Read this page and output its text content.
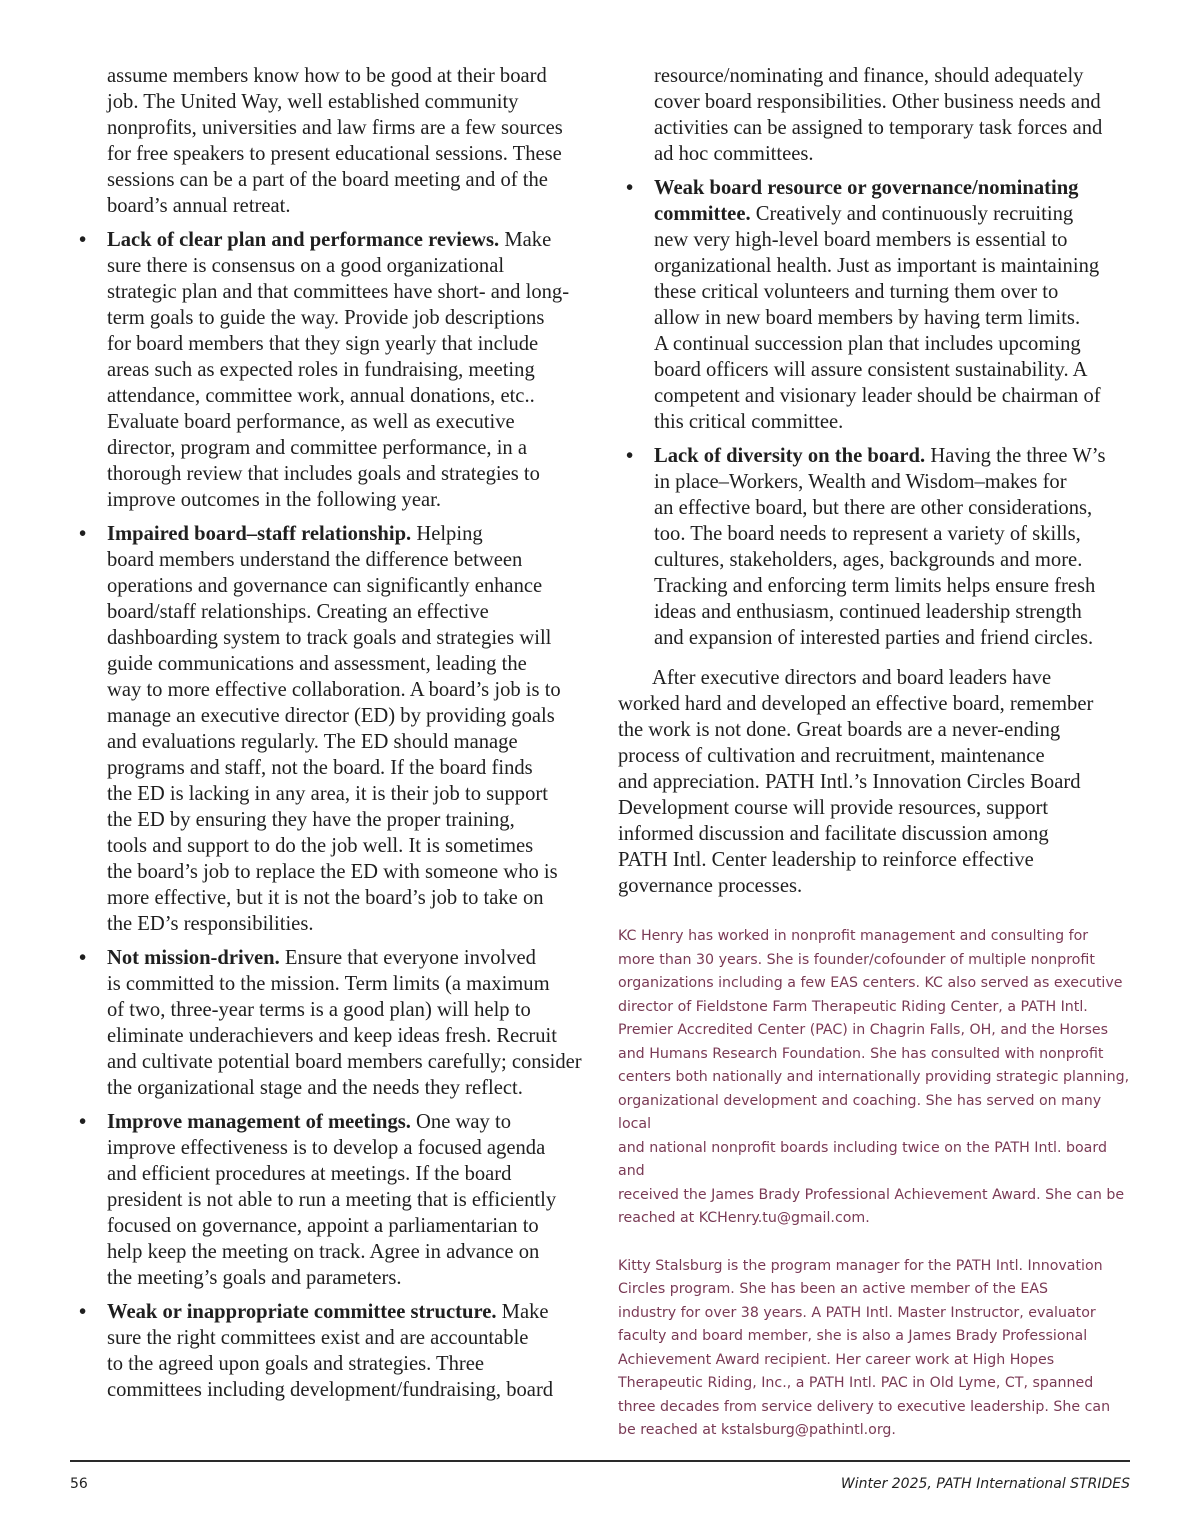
assume members know how to be good at their board
job. The United Way, well established community
nonprofits, universities and law firms are a few sources
for free speakers to present educational sessions. These
sessions can be a part of the board meeting and of the
board’s annual retreat.

• Lack of clear plan and performance reviews. Make
sure there is consensus on a good organizational
strategic plan and that committees have short- and long-
term goals to guide the way. Provide job descriptions
for board members that they sign yearly that include
areas such as expected roles in fundraising, meeting
attendance, committee work, annual donations, etc..
Evaluate board performance, as well as executive
director, program and committee performance, in a
thorough review that includes goals and strategies to
improve outcomes in the following year.
• Impaired board–staff relationship. Helping
board members understand the difference between
operations and governance can significantly enhance
board/staff relationships. Creating an effective
dashboarding system to track goals and strategies will
guide communications and assessment, leading the
way to more effective collaboration. A board’s job is to
manage an executive director (ED) by providing goals
and evaluations regularly. The ED should manage
programs and staff, not the board. If the board finds
the ED is lacking in any area, it is their job to support
the ED by ensuring they have the proper training,
tools and support to do the job well. It is sometimes
the board’s job to replace the ED with someone who is
more effective, but it is not the board’s job to take on
the ED’s responsibilities.
• Not mission-driven. Ensure that everyone involved
is committed to the mission. Term limits (a maximum
of two, three-year terms is a good plan) will help to
eliminate underachievers and keep ideas fresh. Recruit
and cultivate potential board members carefully; consider
the organizational stage and the needs they reflect.
• Improve management of meetings. One way to
improve effectiveness is to develop a focused agenda
and efficient procedures at meetings. If the board
president is not able to run a meeting that is efficiently
focused on governance, appoint a parliamentarian to
help keep the meeting on track. Agree in advance on
the meeting’s goals and parameters.
• Weak or inappropriate committee structure. Make
sure the right committees exist and are accountable
to the agreed upon goals and strategies. Three
committees including development/fundraising, board

resource/nominating and finance, should adequately
cover board responsibilities. Other business needs and
activities can be assigned to temporary task forces and
ad hoc committees.

• Weak board resource or governance/nominating
committee. Creatively and continuously recruiting
new very high-level board members is essential to
organizational health. Just as important is maintaining
these critical volunteers and turning them over to
allow in new board members by having term limits.
A continual succession plan that includes upcoming
board officers will assure consistent sustainability. A
competent and visionary leader should be chairman of
this critical committee.
• Lack of diversity on the board. Having the three W’s
in place–Workers, Wealth and Wisdom–makes for
an effective board, but there are other considerations,
too. The board needs to represent a variety of skills,
cultures, stakeholders, ages, backgrounds and more.
Tracking and enforcing term limits helps ensure fresh
ideas and enthusiasm, continued leadership strength
and expansion of interested parties and friend circles.

After executive directors and board leaders have
worked hard and developed an effective board, remember
the work is not done. Great boards are a never-ending
process of cultivation and recruitment, maintenance
and appreciation. PATH Intl.’s Innovation Circles Board
Development course will provide resources, support
informed discussion and facilitate discussion among
PATH Intl. Center leadership to reinforce effective
governance processes.

KC Henry has worked in nonprofit management and consulting for
more than 30 years. She is founder/cofounder of multiple nonprofit
organizations including a few EAS centers. KC also served as executive
director of Fieldstone Farm Therapeutic Riding Center, a PATH Intl.
Premier Accredited Center (PAC) in Chagrin Falls, OH, and the Horses
and Humans Research Foundation. She has consulted with nonprofit
centers both nationally and internationally providing strategic planning,
organizational development and coaching. She has served on many local
and national nonprofit boards including twice on the PATH Intl. board and
received the James Brady Professional Achievement Award. She can be
reached at KCHenry.tu@gmail.com.

Kitty Stalsburg is the program manager for the PATH Intl. Innovation
Circles program. She has been an active member of the EAS
industry for over 38 years. A PATH Intl. Master Instructor, evaluator
faculty and board member, she is also a James Brady Professional
Achievement Award recipient. Her career work at High Hopes
Therapeutic Riding, Inc., a PATH Intl. PAC in Old Lyme, CT, spanned
three decades from service delivery to executive leadership. She can
be reached at kstalsburg@pathintl.org.

56	Winter 2025, PATH International STRIDES
